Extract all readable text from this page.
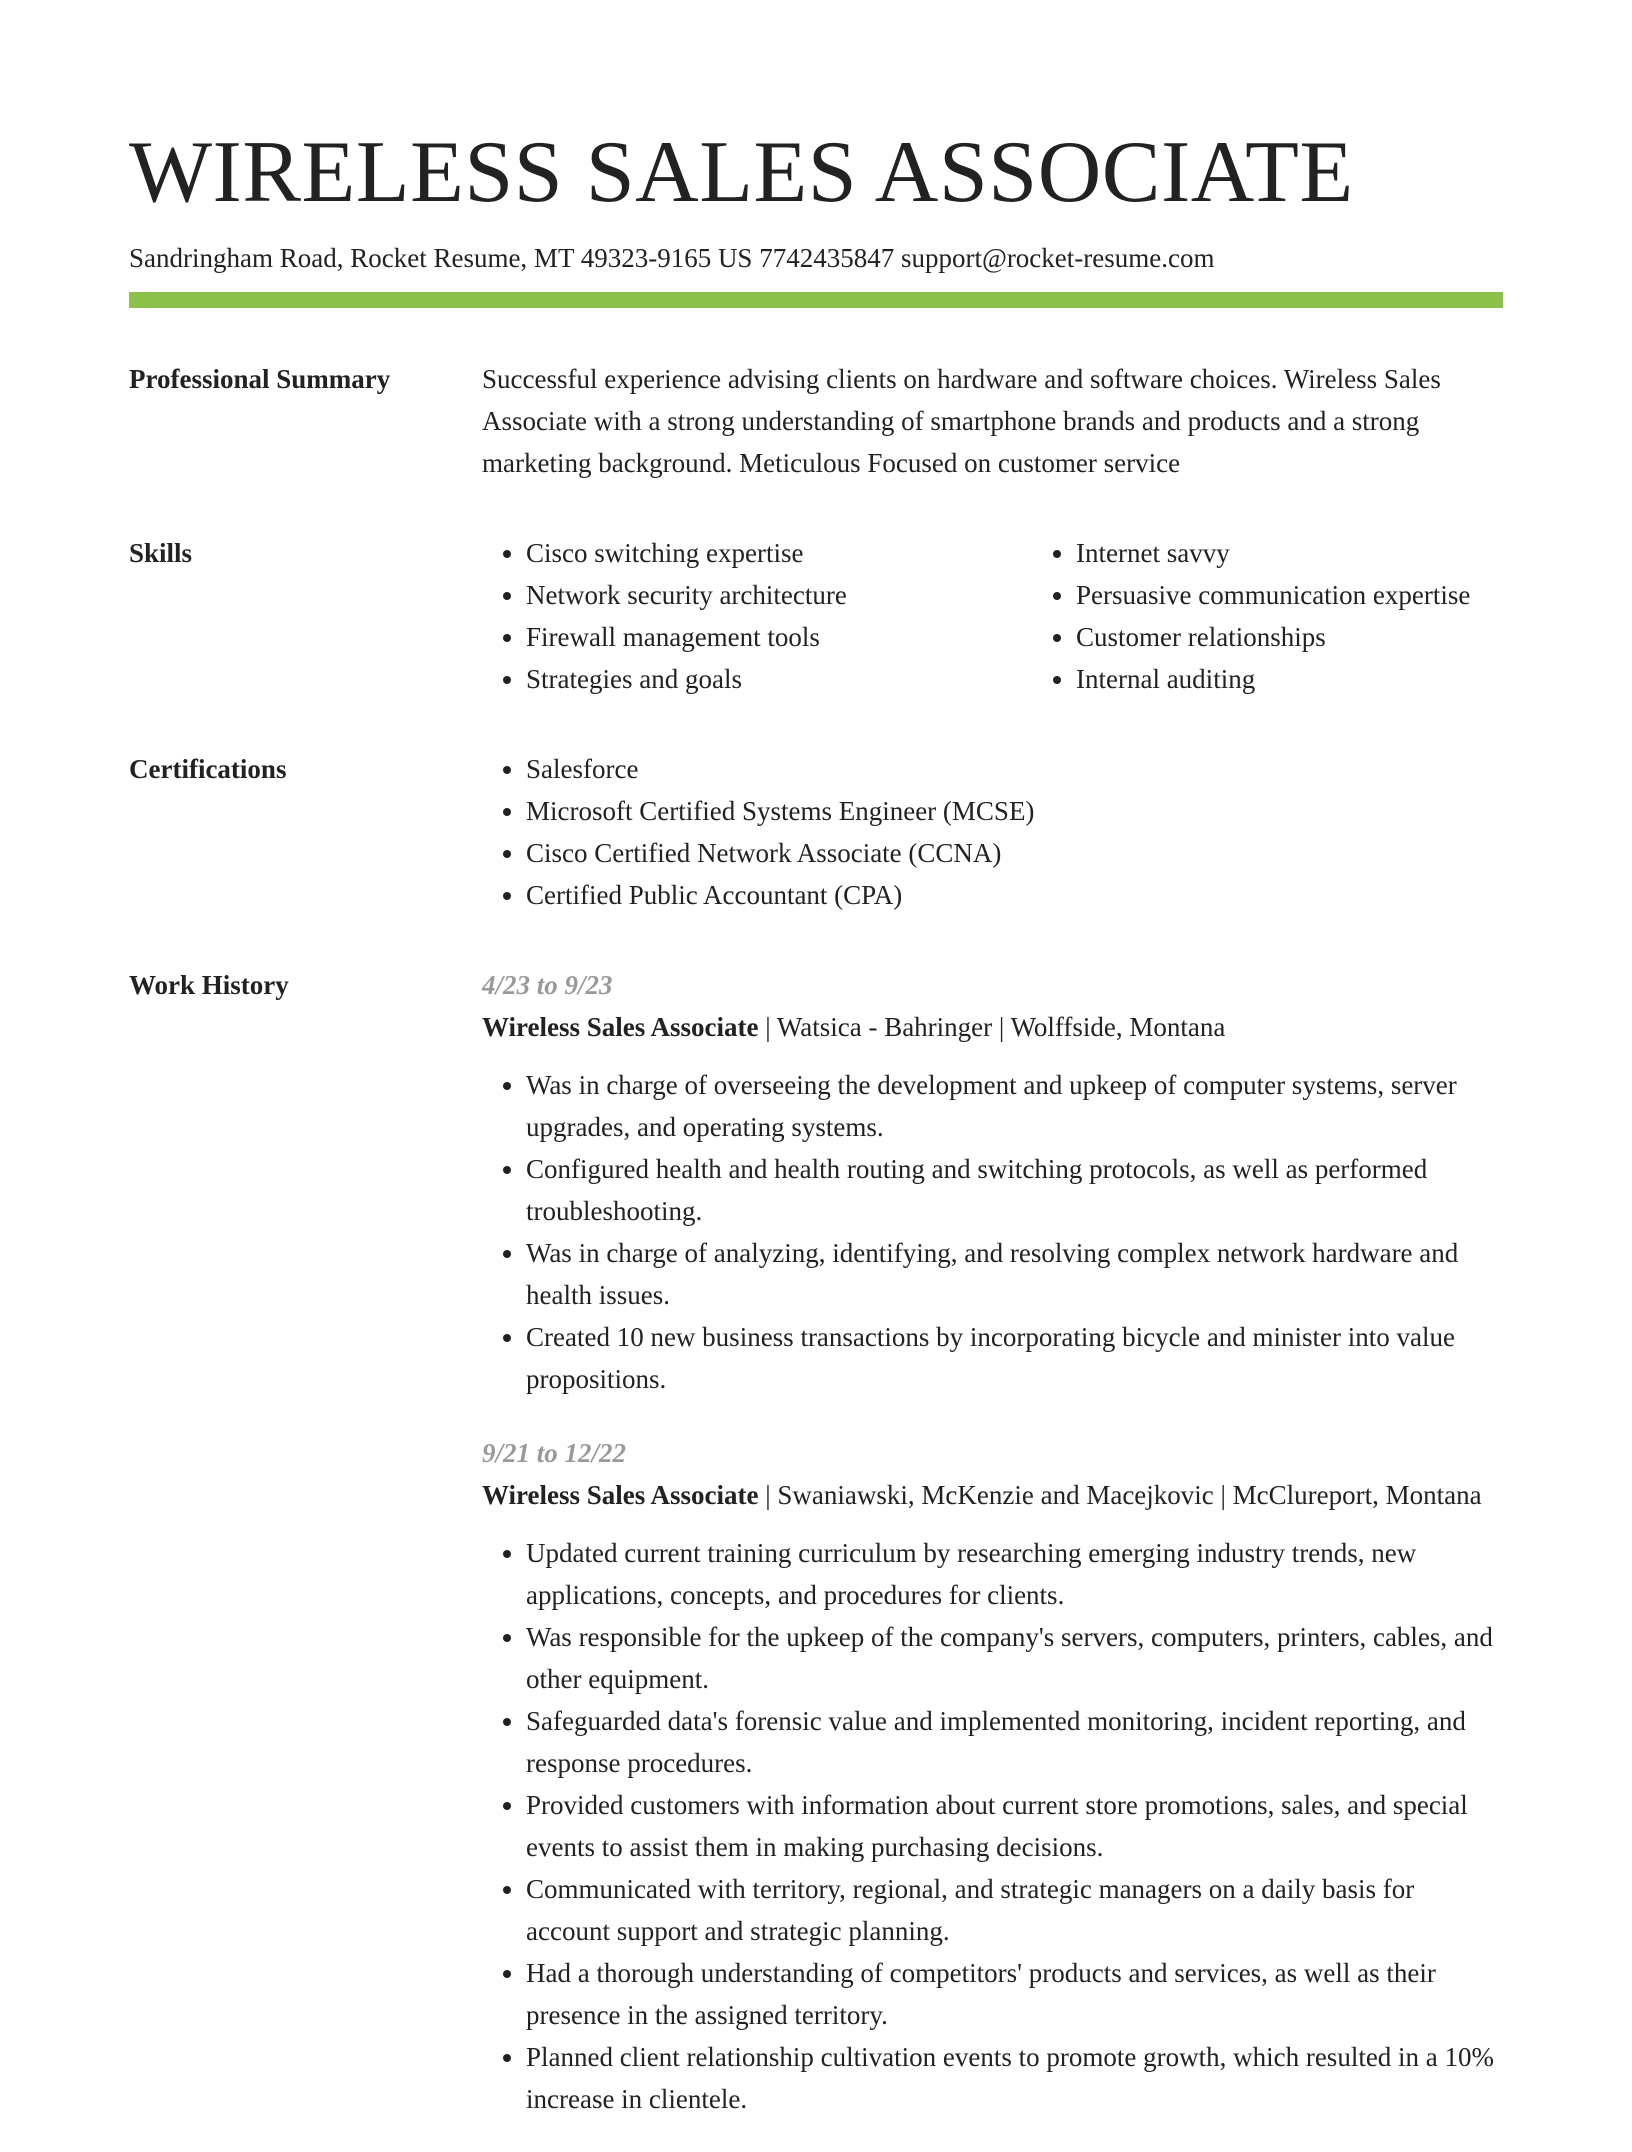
WIRELESS SALES ASSOCIATE
Sandringham Road, Rocket Resume, MT 49323-9165 US 7742435847 support@rocket-resume.com
Professional Summary	Successful experience advising clients on hardware and software choices. Wireless Sales Associate with a strong understanding of smartphone brands and products and a strong marketing background. Meticulous Focused on customer service

Skills	• Cisco switching expertise
• Network security architecture
• Firewall management tools
• Strategies and goals
• Internet savvy
• Persuasive communication expertise
• Customer relationships
• Internal auditing
Certifications	• Salesforce
• Microsoft Certified Systems Engineer (MCSE)
• Cisco Certified Network Associate (CCNA)
• Certified Public Accountant (CPA)
Work History	4/23 to 9/23
Wireless Sales Associate | Watsica - Bahringer | Wolffside, Montana
• Was in charge of overseeing the development and upkeep of computer systems, server upgrades, and operating systems.
• Configured health and health routing and switching protocols, as well as performed troubleshooting.
• Was in charge of analyzing, identifying, and resolving complex network hardware and health issues.
• Created 10 new business transactions by incorporating bicycle and minister into value propositions.
9/21 to 12/22
Wireless Sales Associate | Swaniawski, McKenzie and Macejkovic | McClureport, Montana
• Updated current training curriculum by researching emerging industry trends, new applications, concepts, and procedures for clients.
• Was responsible for the upkeep of the company's servers, computers, printers, cables, and other equipment.
• Safeguarded data's forensic value and implemented monitoring, incident reporting, and response procedures.
• Provided customers with information about current store promotions, sales, and special events to assist them in making purchasing decisions.
• Communicated with territory, regional, and strategic managers on a daily basis for account support and strategic planning.
• Had a thorough understanding of competitors' products and services, as well as their presence in the assigned territory.
• Planned client relationship cultivation events to promote growth, which resulted in a 10% increase in clientele.
